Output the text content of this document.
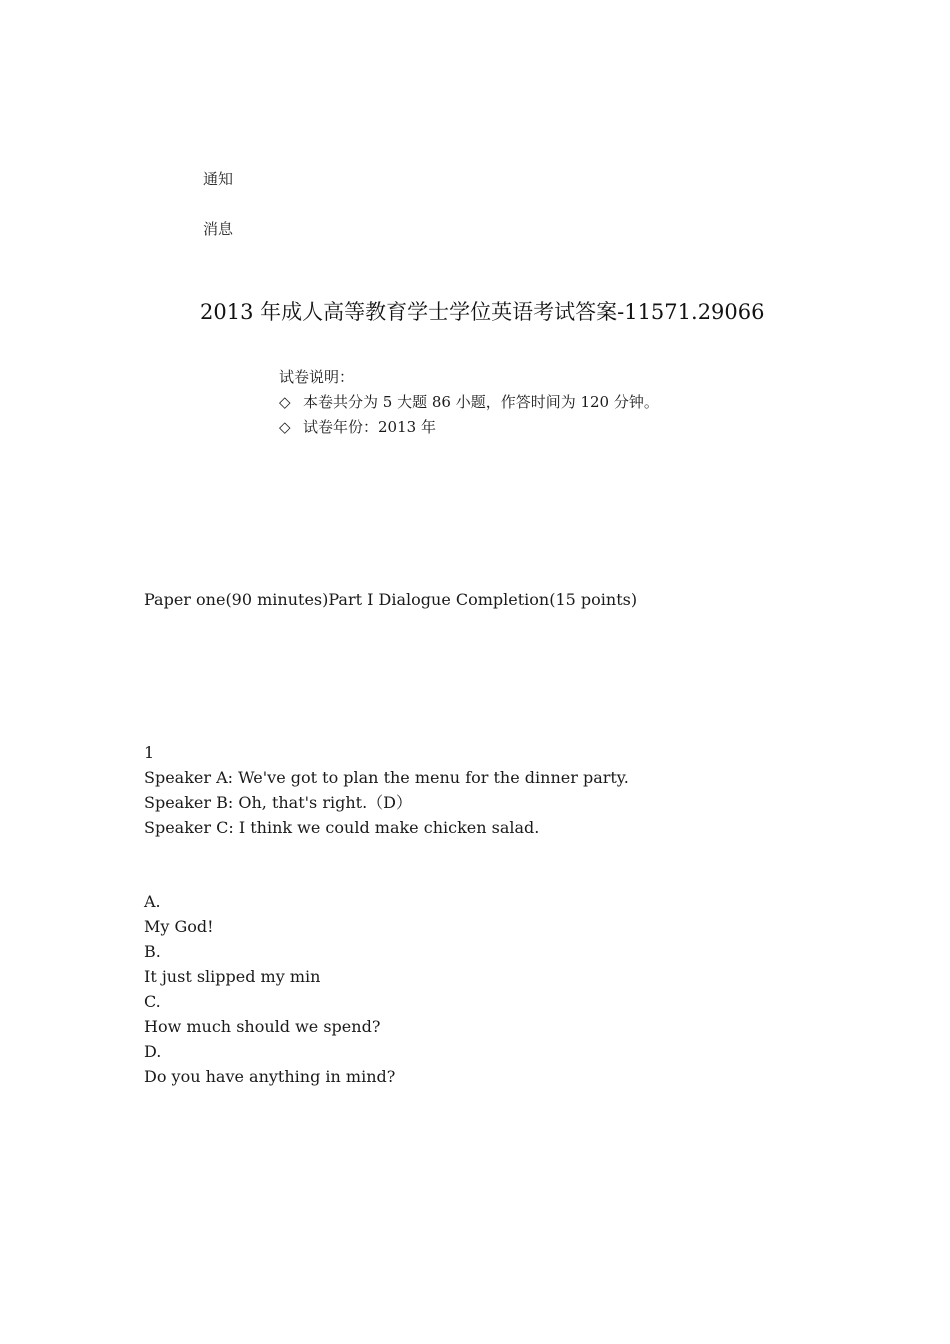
通知
消息
2013 年成人高等教育学士学位英语考试答案-11571.29066
试卷说明：
◇ 本卷共分为 5 大题 86 小题，作答时间为 120 分钟。
◇ 试卷年份：2013 年
Paper one(90 minutes)Part Ⅰ Dialogue Completion(15 points)
1
Speaker A: We've got to plan the menu for the dinner party.
Speaker B: Oh, that's right.（D）
Speaker C: I think we could make chicken salad.
A.
My God!
B.
It just slipped my min
C.
How much should we spend?
D.
Do you have anything in mind?
